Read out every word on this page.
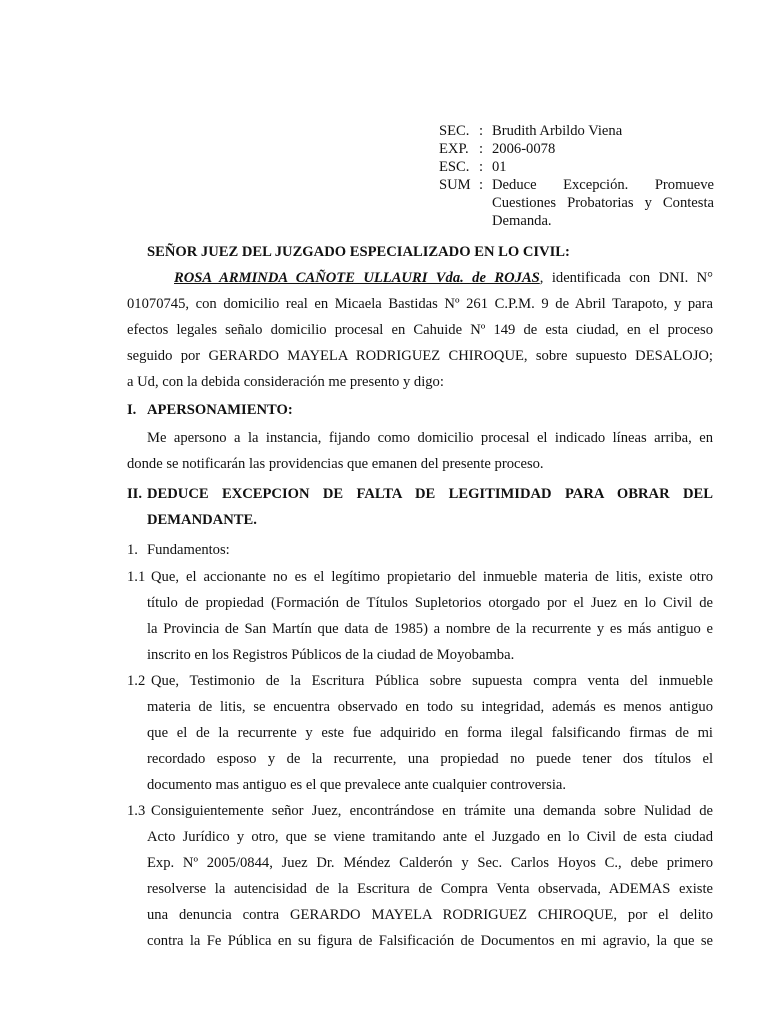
SEC. : Brudith Arbildo Viena
EXP. : 2006-0078
ESC. : 01
SUM : Deduce Excepción. Promueve Cuestiones Probatorias y Contesta Demanda.
SEÑOR JUEZ DEL JUZGADO ESPECIALIZADO EN LO CIVIL:
ROSA ARMINDA CAÑOTE ULLAURI Vda. de ROJAS, identificada con DNI. N°
01070745, con domicilio real en Micaela Bastidas Nº 261 C.P.M. 9 de Abril Tarapoto, y para
efectos legales señalo domicilio procesal en Cahuide Nº 149 de esta ciudad, en el proceso
seguido por GERARDO MAYELA RODRIGUEZ CHIROQUE, sobre supuesto DESALOJO;
a Ud, con la debida consideración me presento y digo:
I. APERSONAMIENTO:
Me apersono a la instancia, fijando como domicilio procesal el indicado líneas arriba, en
donde se notificarán las providencias que emanen del presente proceso.
II. DEDUCE EXCEPCION DE FALTA DE LEGITIMIDAD PARA OBRAR DEL
DEMANDANTE.
1. Fundamentos:
1.1 Que, el accionante no es el legítimo propietario del inmueble materia de litis, existe otro
título de propiedad (Formación de Títulos Supletorios otorgado por el Juez en lo Civil de
la Provincia de San Martín que data de 1985) a nombre de la recurrente y es más antiguo e
inscrito en los Registros Públicos de la ciudad de Moyobamba.
1.2 Que, Testimonio de la Escritura Pública sobre supuesta compra venta del inmueble
materia de litis, se encuentra observado en todo su integridad, además es menos antiguo
que el de la recurrente y este fue adquirido en forma ilegal falsificando firmas de mi
recordado esposo y de la recurrente, una propiedad no puede tener dos títulos el
documento mas antiguo es el que prevalece ante cualquier controversia.
1.3 Consiguientemente señor Juez, encontrándose en trámite una demanda sobre Nulidad de
Acto Jurídico y otro, que se viene tramitando ante el Juzgado en lo Civil de esta ciudad
Exp. Nº 2005/0844, Juez Dr. Méndez Calderón y Sec. Carlos Hoyos C., debe primero
resolverse la autencisidad de la Escritura de Compra Venta observada, ADEMAS existe
una denuncia contra GERARDO MAYELA RODRIGUEZ CHIROQUE, por el delito
contra la Fe Pública en su figura de Falsificación de Documentos en mi agravio, la que se
